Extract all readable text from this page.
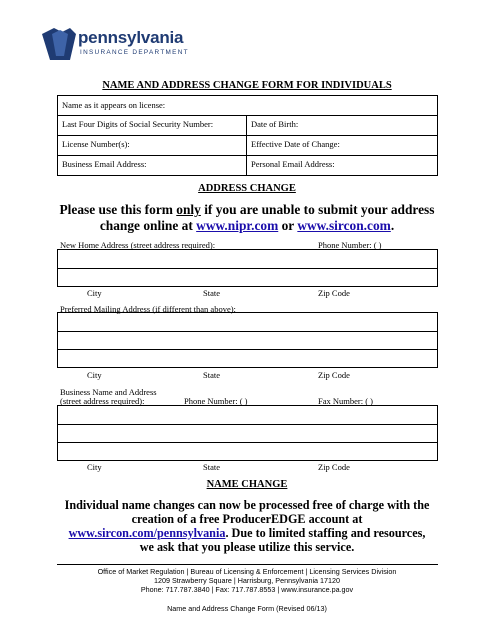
pennsylvania
INSURANCE DEPARTMENT
NAME AND ADDRESS CHANGE FORM FOR INDIVIDUALS
Name as it appears on license:
Last Four Digits of Social Security Number:	Date of Birth:
License Number(s):	Effective Date of Change:
Business Email Address:	Personal Email Address:
ADDRESS CHANGE
Please use this form only if you are unable to submit your address change online at www.nipr.com or www.sircon.com.
New Home Address (street address required):	Phone Number: ( )
City	State	Zip Code
Preferred Mailing Address (if different than above):
City	State	Zip Code
Business Name and Address
(street address required):	Phone Number: ( )	Fax Number: ( )
City	State	Zip Code
NAME CHANGE
Individual name changes can now be processed free of charge with the creation of a free ProducerEDGE account at www.sircon.com/pennsylvania. Due to limited staffing and resources, we ask that you please utilize this service.
Office of Market Regulation | Bureau of Licensing & Enforcement | Licensing Services Division
1209 Strawberry Square | Harrisburg, Pennsylvania 17120
Phone: 717.787.3840 | Fax: 717.787.8553 | www.insurance.pa.gov
Name and Address Change Form (Revised 06/13)
